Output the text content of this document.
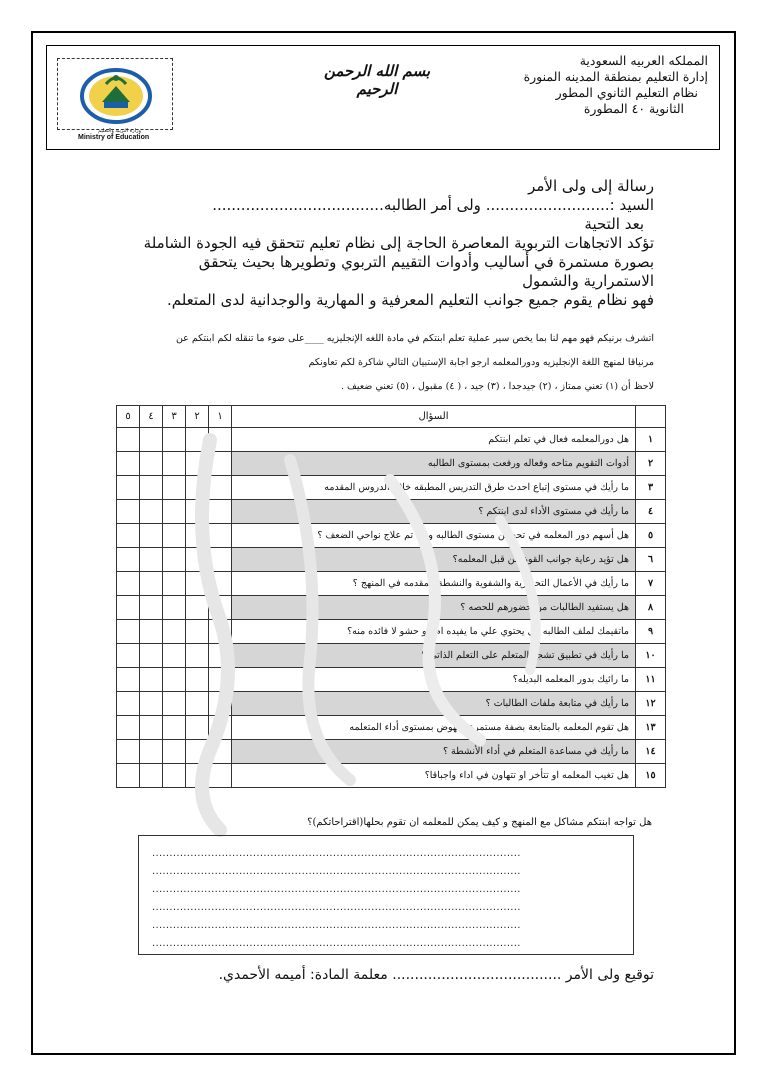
وزارة التربية والتعليم
Ministry of Education
بسم الله الرحمن الرحيم
المملكه العربيه السعودية
إدارة التعليم بمنطقة المدينه المنورة
نظام التعليم الثانوي المطور
الثانوية ٤٠ المطورة
رسالة إلى ولى الأمر
السيد :.......................... ولى أمر الطالبه....................................
بعد التحية
تؤكد الاتجاهات التربوية المعاصرة الحاجة إلى نظام تعليم تتحقق فيه الجودة الشاملة
بصورة مستمرة في أساليب وأدوات التقييم التربوي وتطويرها بحيث يتحقق
الاستمرارية والشمول
فهو نظام يقوم جميع جوانب التعليم المعرفية و المهارية والوجدانية لدى المتعلم.
اتشرف برنيكم فهو مهم لنا بما يخص سير عملية تعلم ابنتكم في مادة اللغه الإنجليزيه ____على ضوء ما تنقله لكم ابنتكم عن
مرنياقا لمنهج اللغة الإنجليزيه ودورالمعلمه ارجو اجابة الإستبيان التالي شاكرة لكم تعاونكم
لاحظ أن (١) تعني ممتاز ، (٢) جيدجدا ، (٣) جيد ، ( ٤) مقبول ، (٥) تعني ضعيف .
	السؤال	١	٢	٣	٤	٥
١	هل دورالمعلمه فعال في تعلم ابنتكم					
٢	أدوات التقويم متاحه وفعاله ورفعت بمستوى الطالبه					
٣	ما رأيك في مستوى إتباع احدث طرق التدريس المطبقه خلال الدروس المقدمه					
٤	ما رأيك في مستوى الأداء لدى ابنتكم ؟					
٥	هل أسهم دور المعلمه في تحسين مستوى الطالبه وهل تم علاج نواحي الضعف ؟					
٦	هل تؤيد رعاية جوانب القوة من قبل المعلمه؟					
٧	ما رأيك في الأعمال التحريرية والشفوية والنشطة المقدمه في المنهج ؟					
٨	هل يستفيد الطالبات من حضورهم للحصه ؟					
٩	ماتقيمك لملف الطالبه هل يحتوي علي ما يفيده ام هو حشو لا فائده منه؟					
١٠	ما رأيك في تطبيق تشجع المتعلم على التعلم الذاتي ؟					
١١	ما رائيك بدور المعلمه البديله؟					
١٢	ما رأيك في متابعة ملفات الطالبات ؟					
١٣	هل تقوم المعلمه بالمتابعة بصفة مستمرة للنهوض بمستوى أداء المتعلمه					
١٤	ما رأيك في مساعدة المتعلم في أداء الأنشطة ؟					
١٥	هل تغيب المعلمه او تتأخر او تتهاون في اداء واجباقا؟					
هل تواجه ابنتكم مشاكل مع المنهج و كيف يمكن للمعلمه ان تقوم بحلها(اقتراحاتكم)؟
..........................................................................................................
..........................................................................................................
..........................................................................................................
..........................................................................................................
..........................................................................................................
..........................................................................................................
توقيع ولى الأمر ...................................... معلمة المادة: أميمه الأحمدي.
